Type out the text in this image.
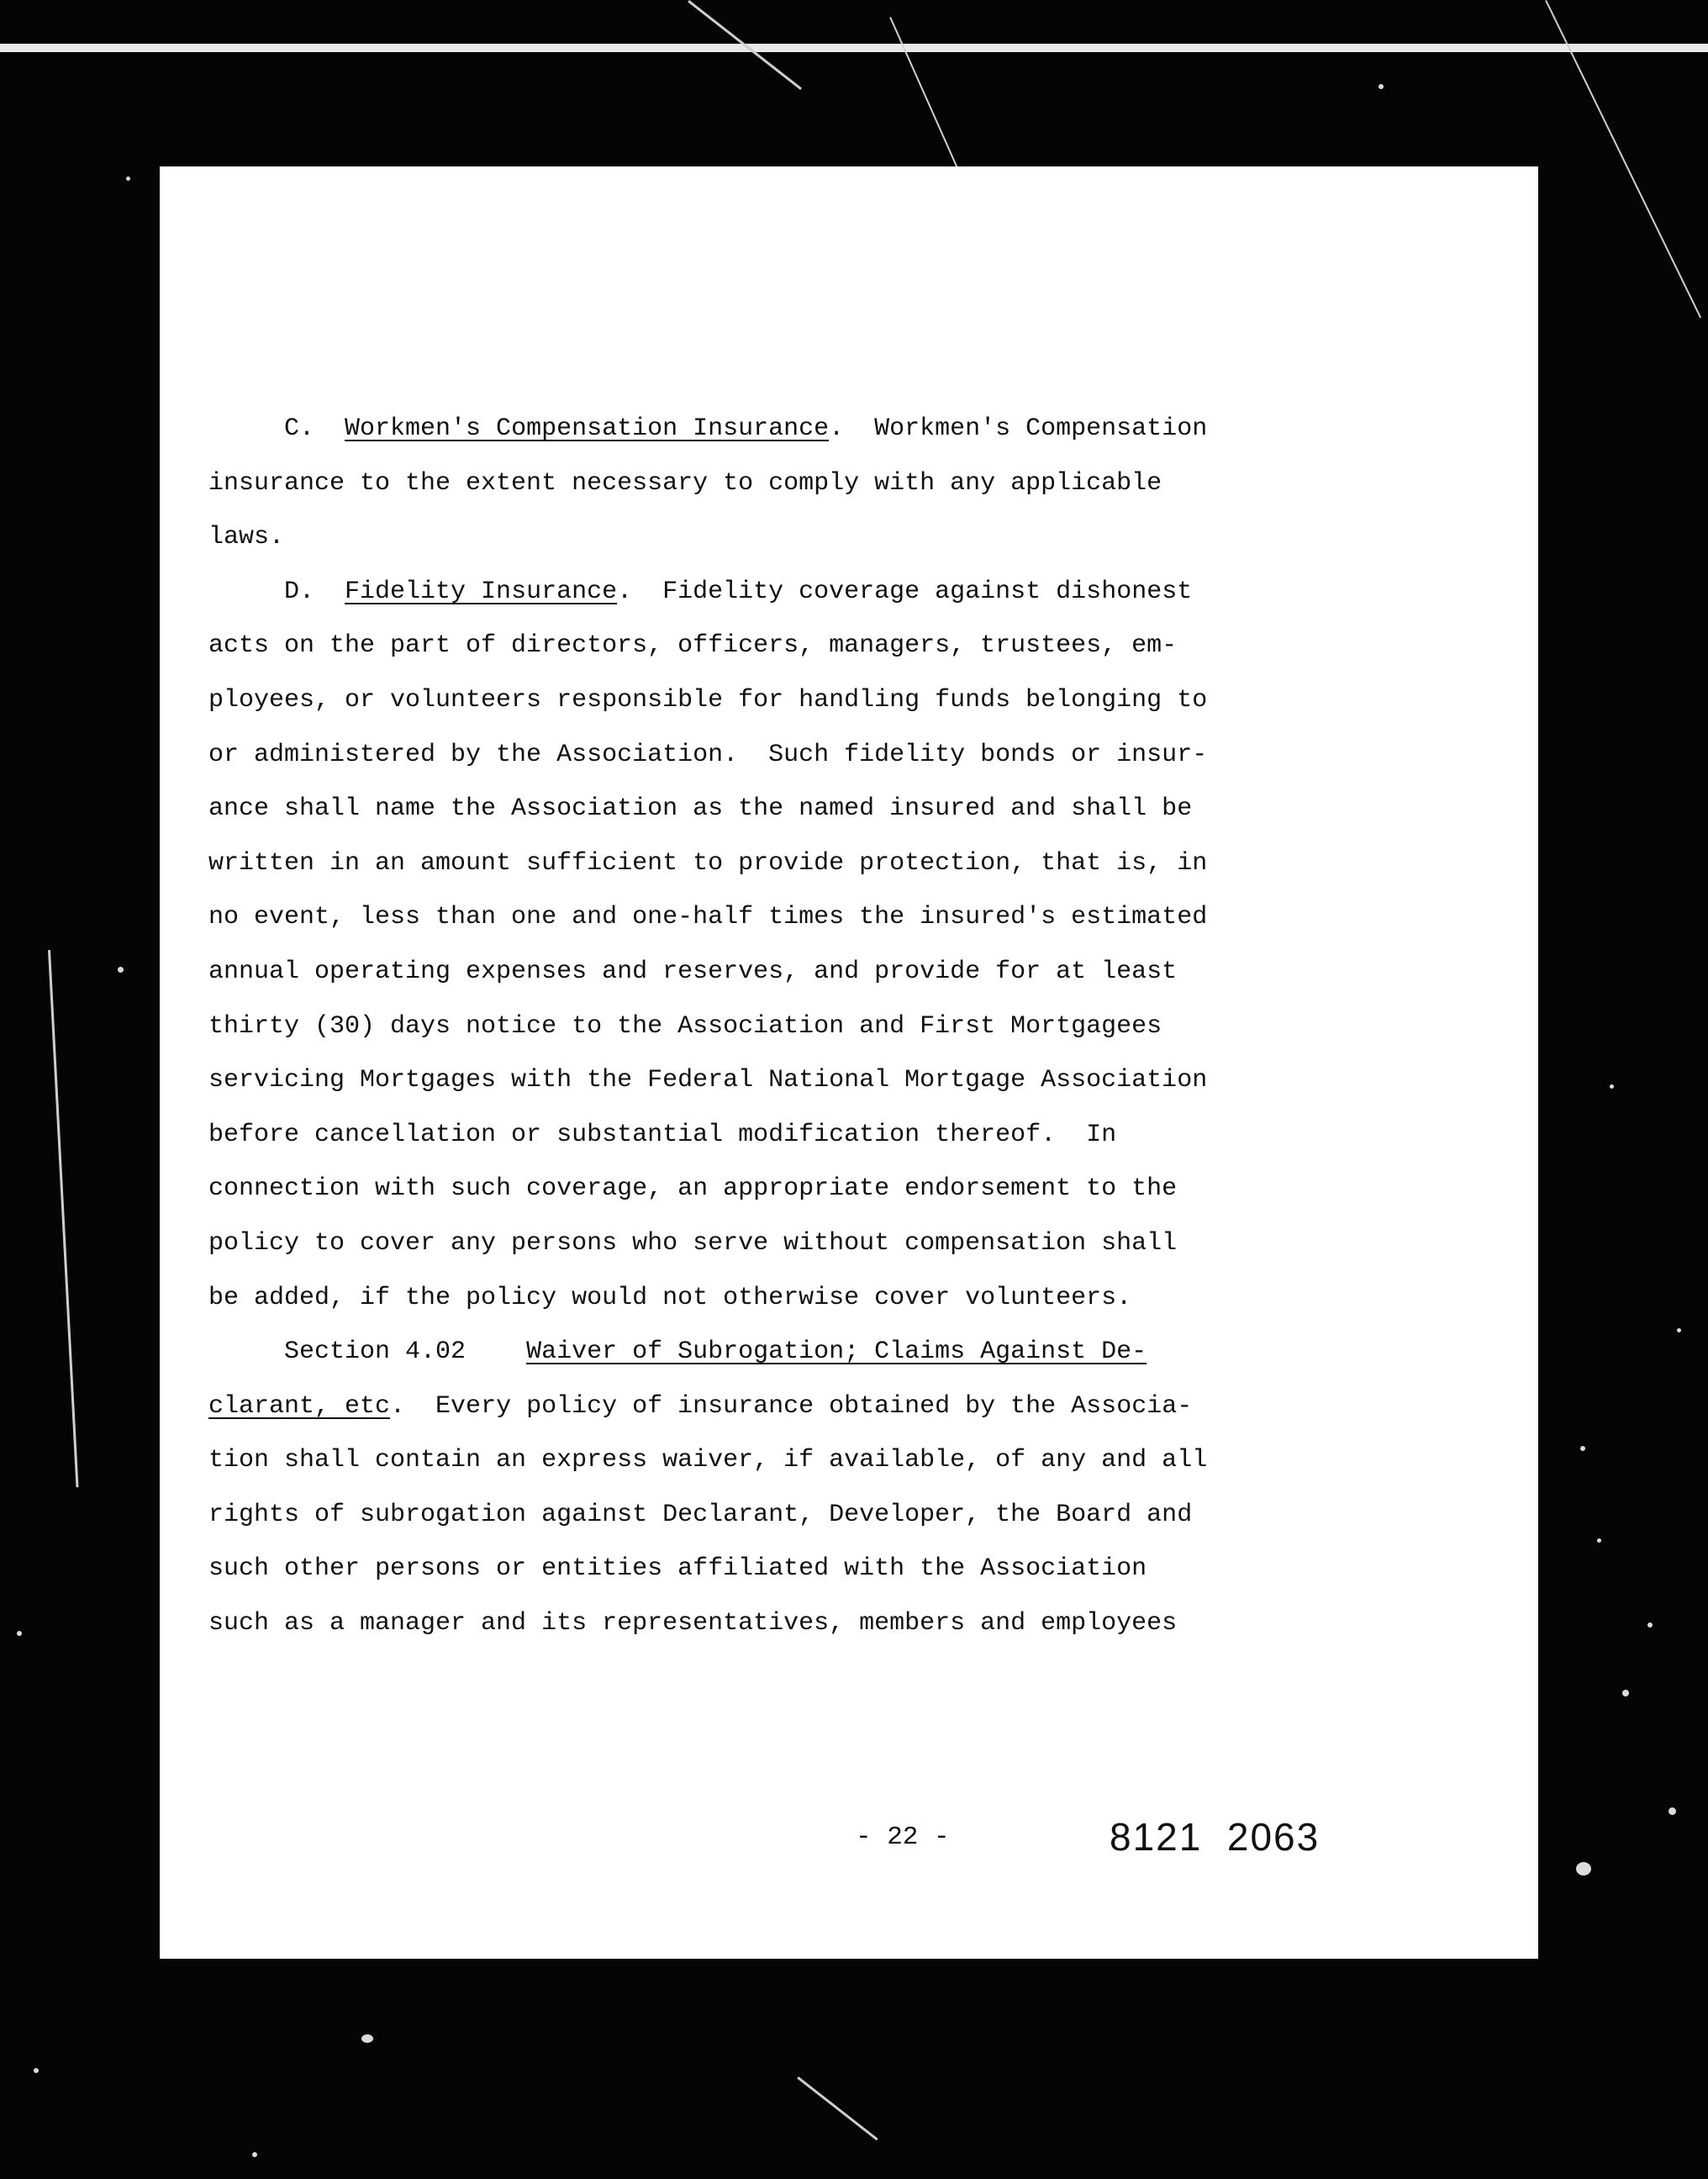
C.  Workmen's Compensation Insurance.  Workmen's Compensation
insurance to the extent necessary to comply with any applicable
laws.
D.  Fidelity Insurance.  Fidelity coverage against dishonest
acts on the part of directors, officers, managers, trustees, em-
ployees, or volunteers responsible for handling funds belonging to
or administered by the Association.  Such fidelity bonds or insur-
ance shall name the Association as the named insured and shall be
written in an amount sufficient to provide protection, that is, in
no event, less than one and one-half times the insured's estimated
annual operating expenses and reserves, and provide for at least
thirty (30) days notice to the Association and First Mortgagees
servicing Mortgages with the Federal National Mortgage Association
before cancellation or substantial modification thereof.  In
connection with such coverage, an appropriate endorsement to the
policy to cover any persons who serve without compensation shall
be added, if the policy would not otherwise cover volunteers.
Section 4.02    Waiver of Subrogation; Claims Against De-
clarant, etc.  Every policy of insurance obtained by the Associa-
tion shall contain an express waiver, if available, of any and all
rights of subrogation against Declarant, Developer, the Board and
such other persons or entities affiliated with the Association
such as a manager and its representatives, members and employees
- 22 -	8121  2063
